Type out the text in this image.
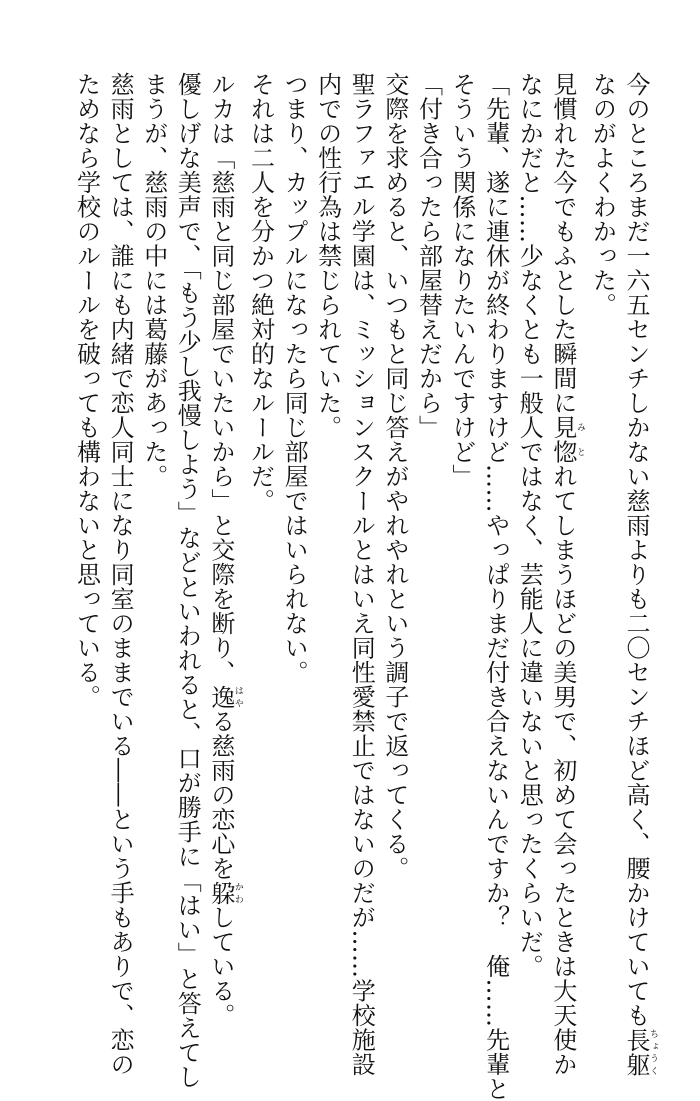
今のところまだ一六五センチしかない慈雨よりも二〇センチほど高く、腰かけていても長躯ちょうく
なのがよくわかった。
見慣れた今でもふとした瞬間に見惚みとれてしまうほどの美男で、初めて会ったときは大天使か
なにかだと……少なくとも一般人ではなく、芸能人に違いないと思ったくらいだ。
「先輩、遂に連休が終わりますけど……やっぱりまだ付き合えないんですか？　俺……先輩と
そういう関係になりたいんですけど」
「付き合ったら部屋替えだから」
交際を求めると、いつもと同じ答えがやれやれという調子で返ってくる。
聖ラファエル学園は、ミッションスクールとはいえ同性愛禁止ではないのだが……学校施設
内での性行為は禁じられていた。
つまり、カップルになったら同じ部屋ではいられない。
それは二人を分かつ絶対的なルールだ。
ルカは「慈雨と同じ部屋でいたいから」と交際を断り、逸はやる慈雨の恋心を躱かわしている。
優しげな美声で、「もう少し我慢しよう」などといわれると、口が勝手に「はい」と答えてし
まうが、慈雨の中には葛藤があった。
慈雨としては、誰にも内緒で恋人同士になり同室のままでいる――という手もありで、恋の
ためなら学校のルールを破っても構わないと思っている。
